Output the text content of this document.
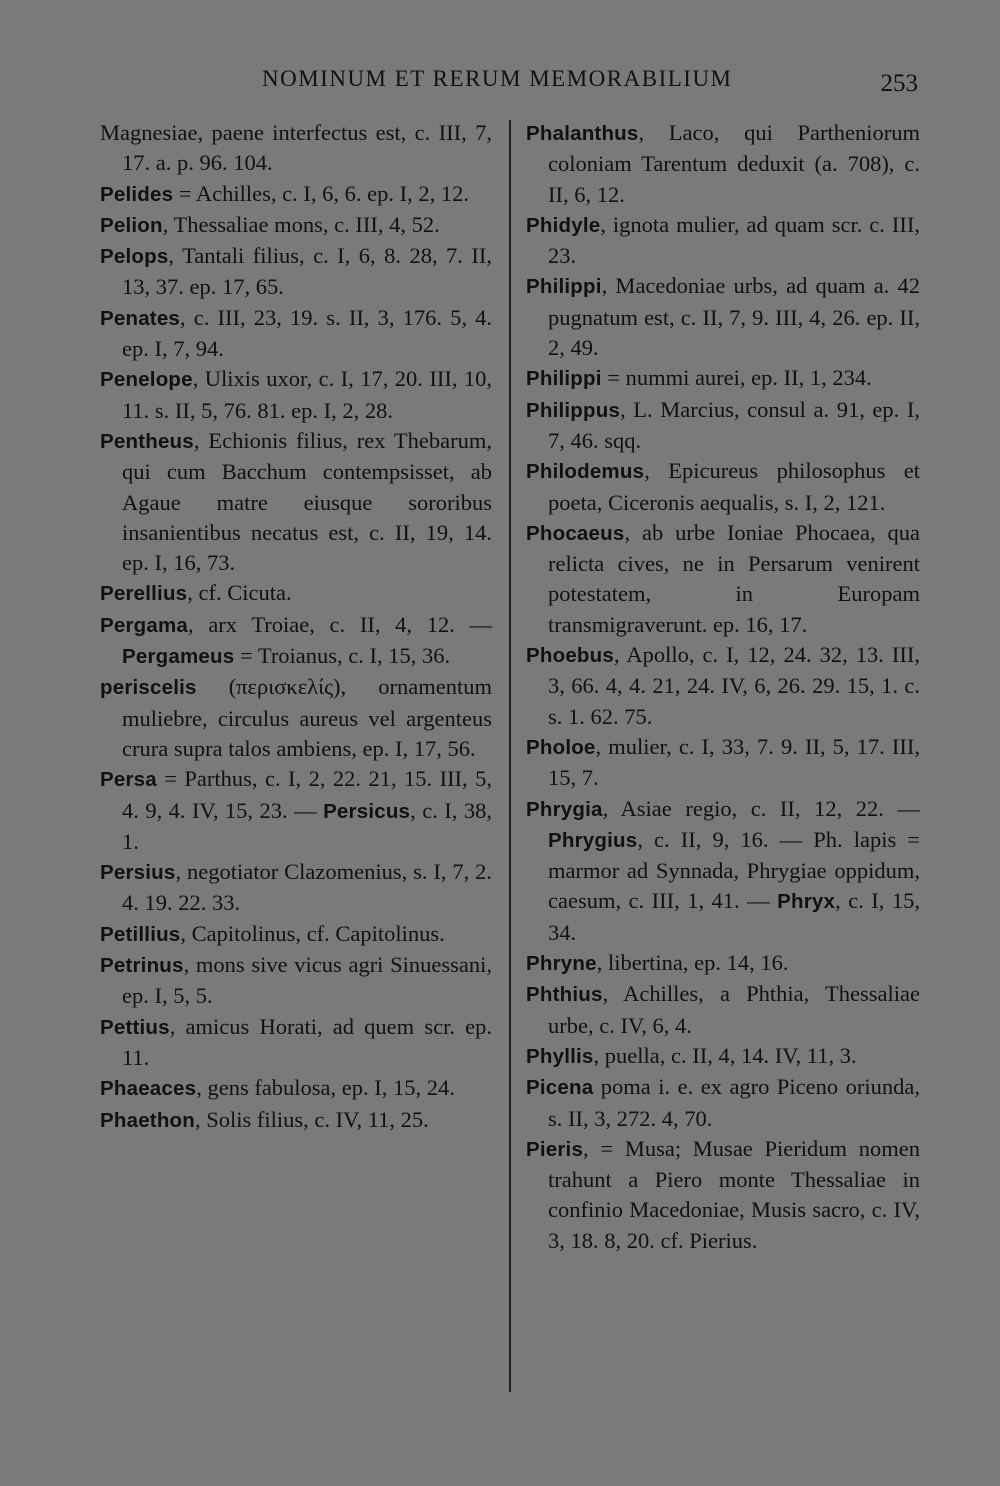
NOMINUM ET RERUM MEMORABILIUM	253
Magnesiae, paene interfectus est, c. III, 7, 17. a. p. 96. 104.
Pelides = Achilles, c. I, 6, 6. ep. I, 2, 12.
Pelion, Thessaliae mons, c. III, 4, 52.
Pelops, Tantali filius, c. I, 6, 8. 28, 7. II, 13, 37. ep. 17, 65.
Penates, c. III, 23, 19. s. II, 3, 176. 5, 4. ep. I, 7, 94.
Penelope, Ulixis uxor, c. I, 17, 20. III, 10, 11. s. II, 5, 76. 81. ep. I, 2, 28.
Pentheus, Echionis filius, rex Thebarum, qui cum Bacchum contempsisset, ab Agaue matre eiusque sororibus insanientibus necatus est, c. II, 19, 14. ep. I, 16, 73.
Perellius, cf. Cicuta.
Pergama, arx Troiae, c. II, 4, 12. — Pergameus = Troianus, c. I, 15, 36.
periscelis (περισκελίς), ornamentum muliebre, circulus aureus vel argenteus crura supra talos ambiens, ep. I, 17, 56.
Persa = Parthus, c. I, 2, 22. 21, 15. III, 5, 4. 9, 4. IV, 15, 23. — Persicus, c. I, 38, 1.
Persius, negotiator Clazomenius, s. I, 7, 2. 4. 19. 22. 33.
Petillius, Capitolinus, cf. Capitolinus.
Petrinus, mons sive vicus agri Sinuessani, ep. I, 5, 5.
Pettius, amicus Horati, ad quem scr. ep. 11.
Phaeaces, gens fabulosa, ep. I, 15, 24.
Phaethon, Solis filius, c. IV, 11, 25.
Phalanthus, Laco, qui Partheniorum coloniam Tarentum deduxit (a. 708), c. II, 6, 12.
Phidyle, ignota mulier, ad quam scr. c. III, 23.
Philippi, Macedoniae urbs, ad quam a. 42 pugnatum est, c. II, 7, 9. III, 4, 26. ep. II, 2, 49.
Philippi = nummi aurei, ep. II, 1, 234.
Philippus, L. Marcius, consul a. 91, ep. I, 7, 46. sqq.
Philodemus, Epicureus philosophus et poeta, Ciceronis aequalis, s. I, 2, 121.
Phocaeus, ab urbe Ioniae Phocaea, qua relicta cives, ne in Persarum venirent potestatem, in Europam transmigraverunt. ep. 16, 17.
Phoebus, Apollo, c. I, 12, 24. 32, 13. III, 3, 66. 4, 4. 21, 24. IV, 6, 26. 29. 15, 1. c. s. 1. 62. 75.
Pholoe, mulier, c. I, 33, 7. 9. II, 5, 17. III, 15, 7.
Phrygia, Asiae regio, c. II, 12, 22. — Phrygius, c. II, 9, 16. — Ph. lapis = marmor ad Synnada, Phrygiae oppidum, caesum, c. III, 1, 41. — Phryx, c. I, 15, 34.
Phryne, libertina, ep. 14, 16.
Phthius, Achilles, a Phthia, Thessaliae urbe, c. IV, 6, 4.
Phyllis, puella, c. II, 4, 14. IV, 11, 3.
Picena poma i. e. ex agro Piceno oriunda, s. II, 3, 272. 4, 70.
Pieris, = Musa; Musae Pieridum nomen trahunt a Piero monte Thessaliae in confinio Macedoniae, Musis sacro, c. IV, 3, 18. 8, 20. cf. Pierius.
